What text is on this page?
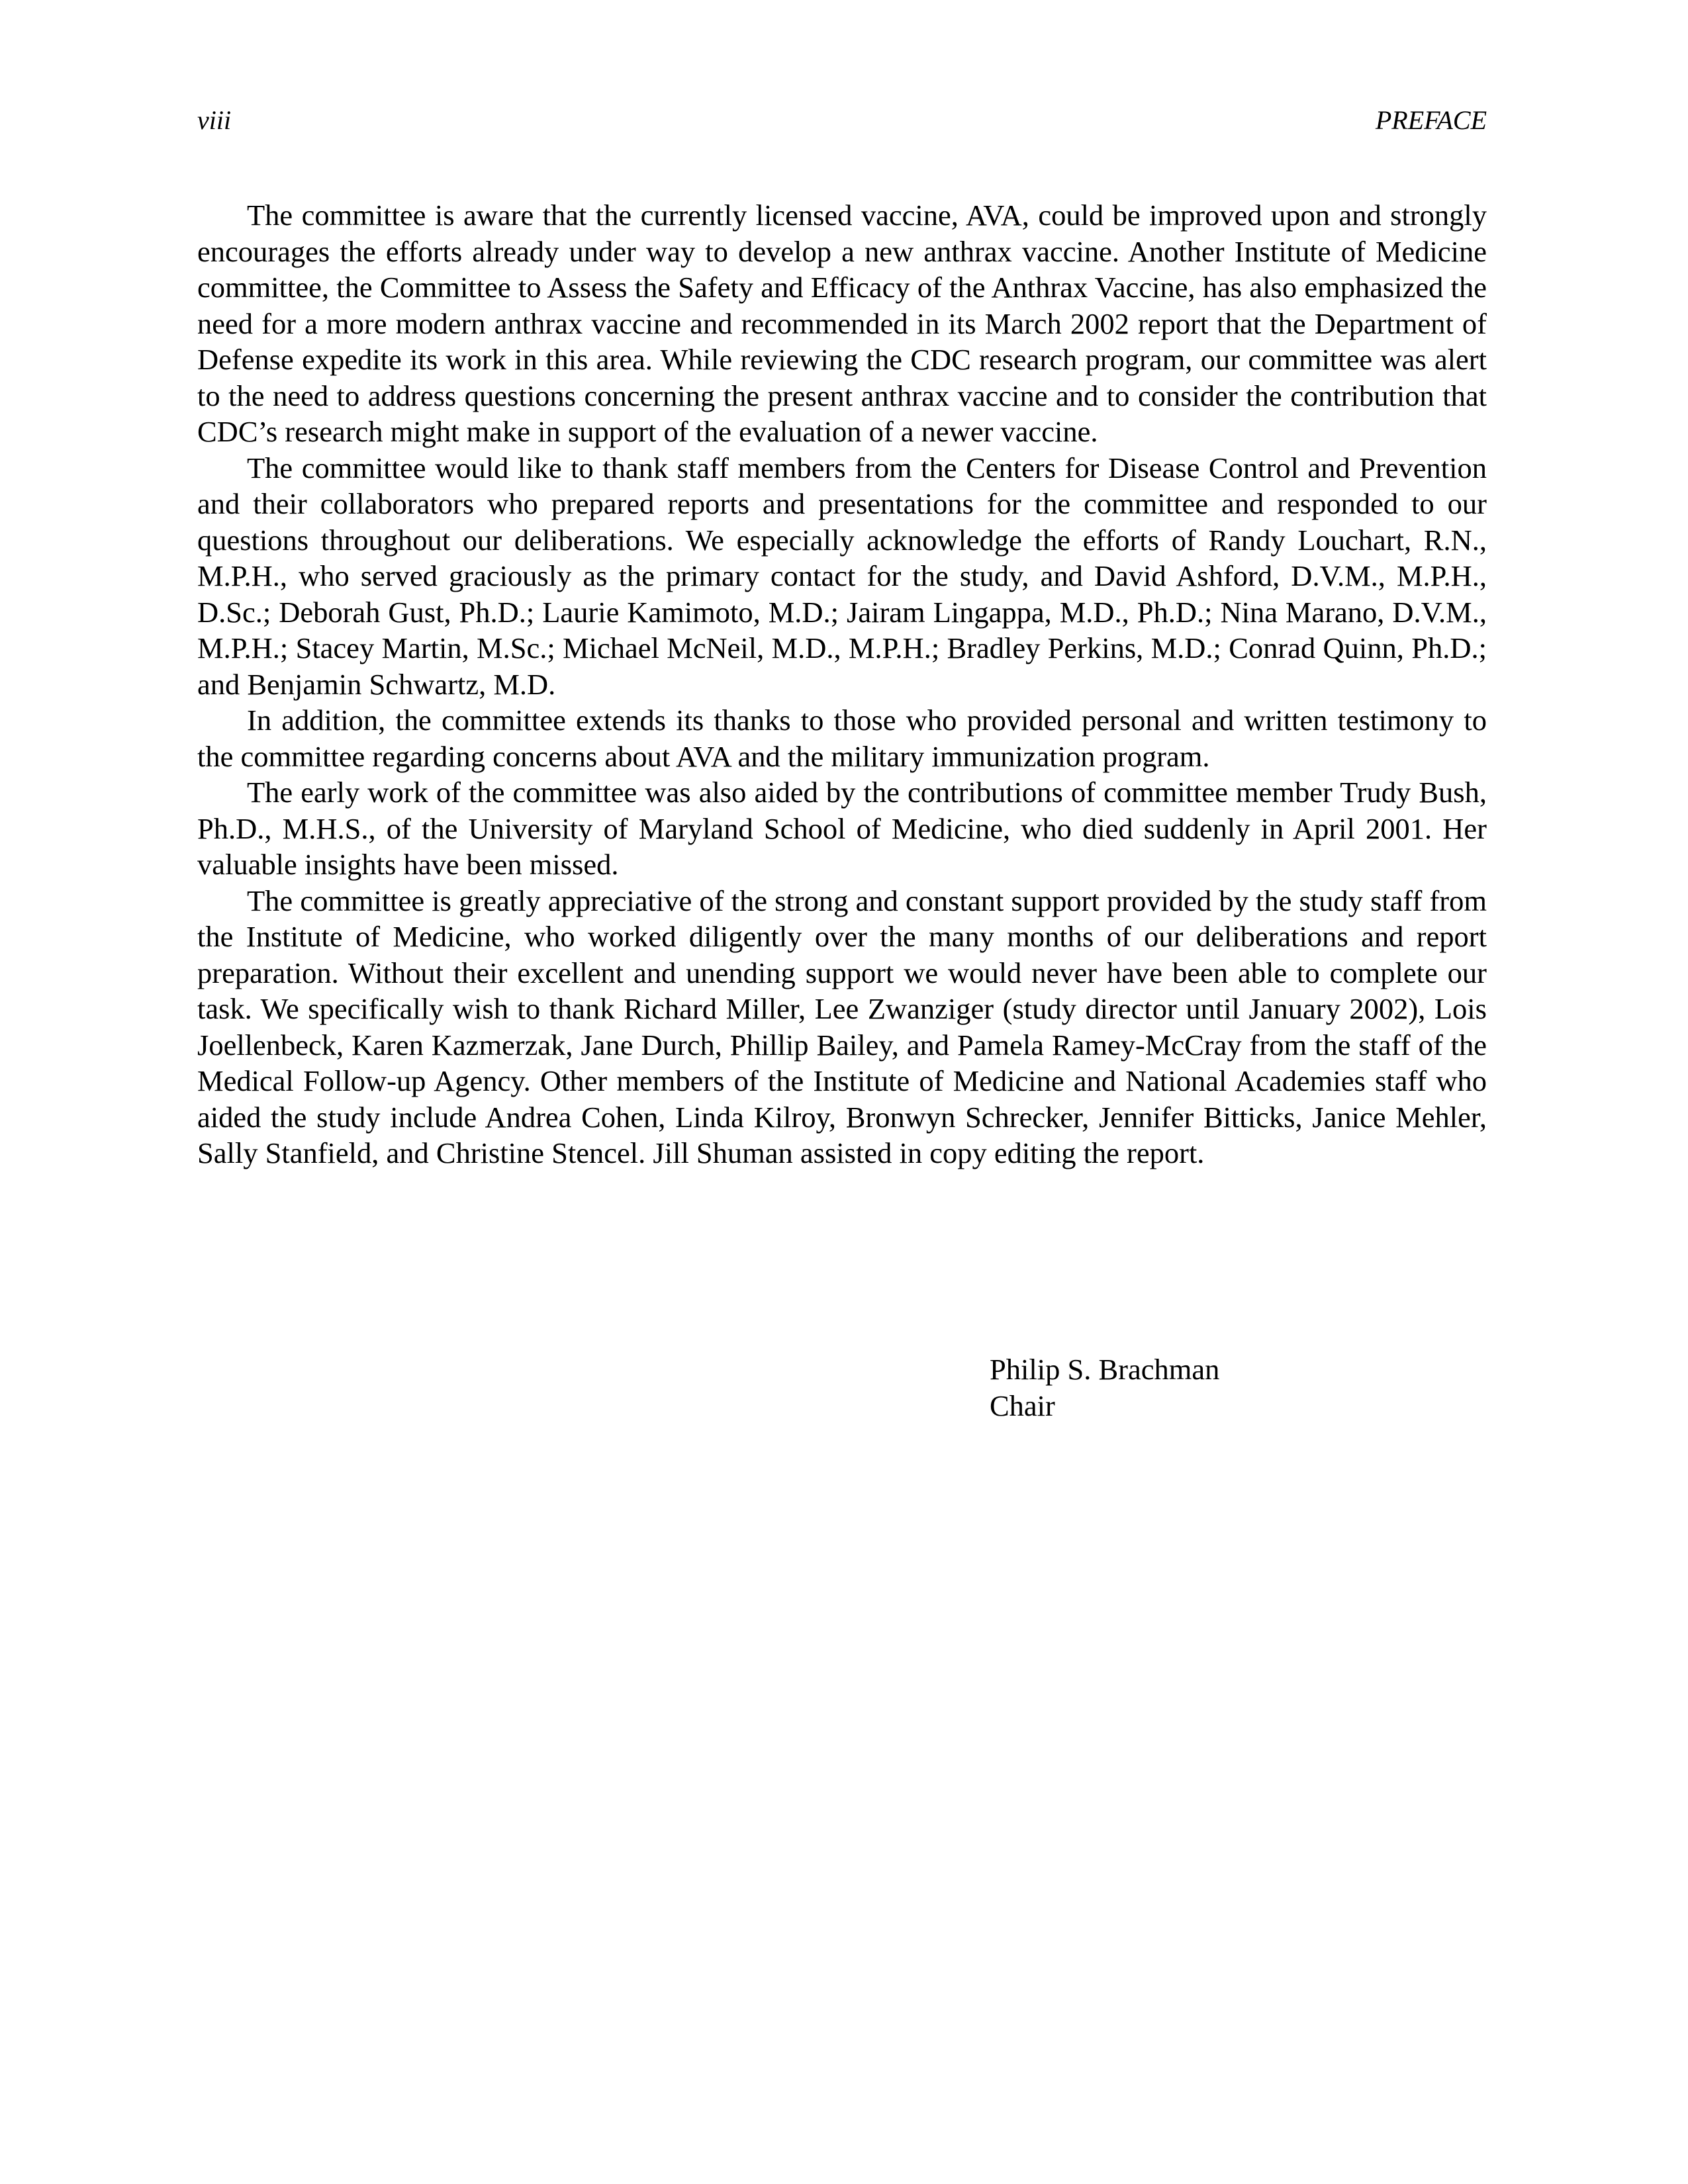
viii	PREFACE

The committee is aware that the currently licensed vaccine, AVA, could be improved upon and strongly encourages the efforts already under way to develop a new anthrax vaccine. Another Institute of Medicine committee, the Committee to Assess the Safety and Efficacy of the Anthrax Vaccine, has also emphasized the need for a more modern anthrax vaccine and recommended in its March 2002 report that the Department of Defense expedite its work in this area. While reviewing the CDC research program, our committee was alert to the need to address questions concerning the present anthrax vaccine and to consider the contribution that CDC’s research might make in support of the evaluation of a newer vaccine.

The committee would like to thank staff members from the Centers for Disease Control and Prevention and their collaborators who prepared reports and presentations for the committee and responded to our questions throughout our deliberations. We especially acknowledge the efforts of Randy Louchart, R.N., M.P.H., who served graciously as the primary contact for the study, and David Ashford, D.V.M., M.P.H., D.Sc.; Deborah Gust, Ph.D.; Laurie Kamimoto, M.D.; Jairam Lingappa, M.D., Ph.D.; Nina Marano, D.V.M., M.P.H.; Stacey Martin, M.Sc.; Michael McNeil, M.D., M.P.H.; Bradley Perkins, M.D.; Conrad Quinn, Ph.D.; and Benjamin Schwartz, M.D.

In addition, the committee extends its thanks to those who provided personal and written testimony to the committee regarding concerns about AVA and the military immunization program.

The early work of the committee was also aided by the contributions of committee member Trudy Bush, Ph.D., M.H.S., of the University of Maryland School of Medicine, who died suddenly in April 2001. Her valuable insights have been missed.

The committee is greatly appreciative of the strong and constant support provided by the study staff from the Institute of Medicine, who worked diligently over the many months of our deliberations and report preparation. Without their excellent and unending support we would never have been able to complete our task. We specifically wish to thank Richard Miller, Lee Zwanziger (study director until January 2002), Lois Joellenbeck, Karen Kazmerzak, Jane Durch, Phillip Bailey, and Pamela Ramey-McCray from the staff of the Medical Follow-up Agency. Other members of the Institute of Medicine and National Academies staff who aided the study include Andrea Cohen, Linda Kilroy, Bronwyn Schrecker, Jennifer Bitticks, Janice Mehler, Sally Stanfield, and Christine Stencel. Jill Shuman assisted in copy editing the report.

Philip S. Brachman
Chair
